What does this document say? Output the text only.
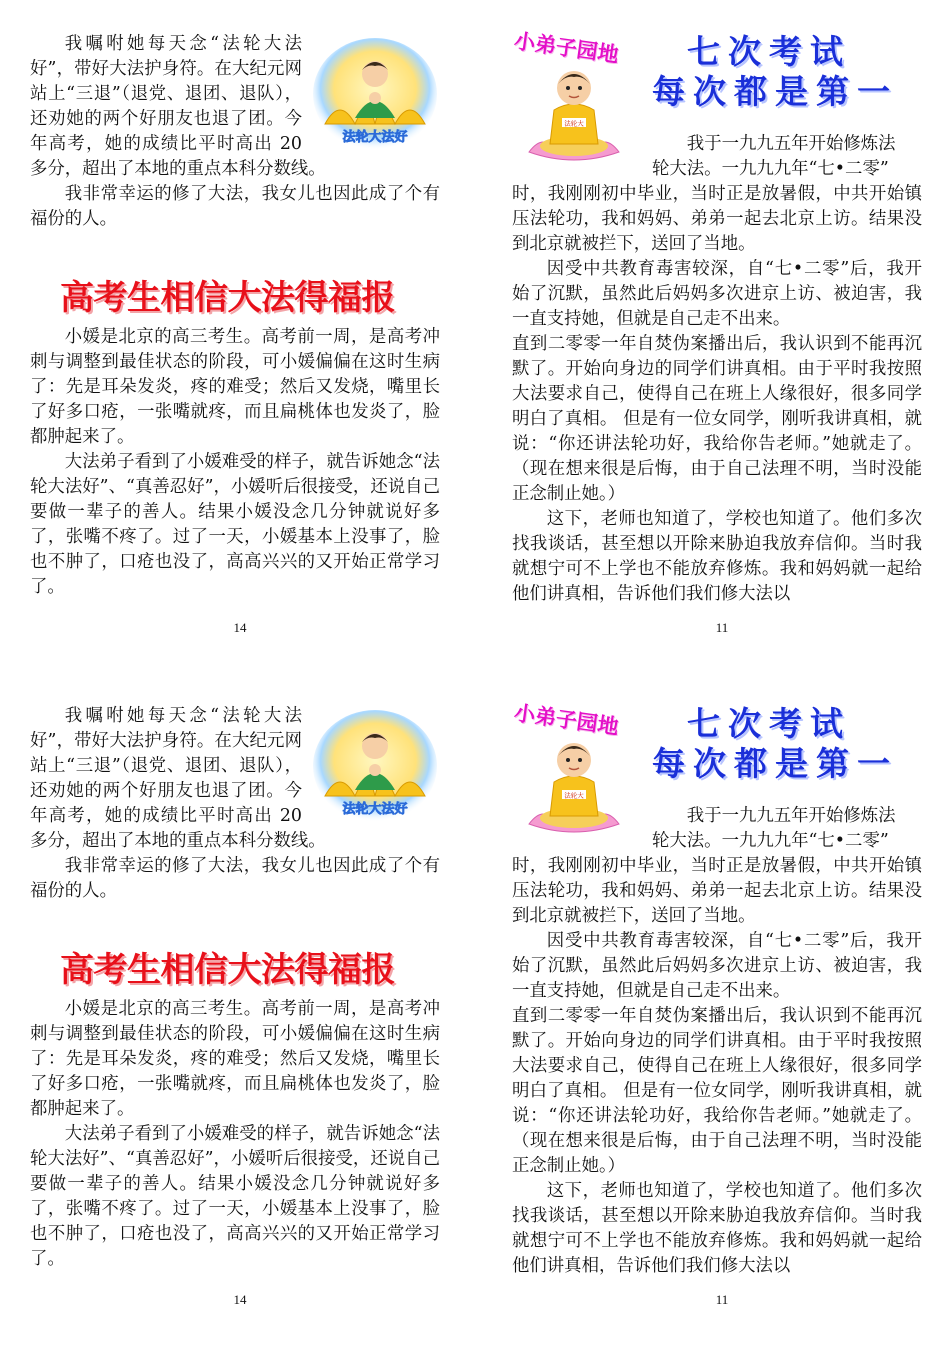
法轮大法好
我嘱咐她每天念“法轮大法好”，带好大法护身符。在大纪元网站上“三退”（退党、退团、退队），还劝她的两个好朋友也退了团。今年高考，她的成绩比平时高出 20 多分，超出了本地的重点本科分数线。

我非常幸运的修了大法，我女儿也因此成了个有福份的人。

高考生相信大法得福报

小媛是北京的高三考生。高考前一周，是高考冲刺与调整到最佳状态的阶段，可小媛偏偏在这时生病了：先是耳朵发炎，疼的难受；然后又发烧，嘴里长了好多口疮，一张嘴就疼，而且扁桃体也发炎了，脸都肿起来了。

大法弟子看到了小媛难受的样子，就告诉她念“法轮大法好”、“真善忍好”，小媛听后很接受，还说自己要做一辈子的善人。结果小媛没念几分钟就说好多了，张嘴不疼了。过了一天，小媛基本上没事了，脸也不肿了，口疮也没了，高高兴兴的又开始正常学习了。

14
小弟子园地
法轮大
七次考试
每次都是第一

我于一九九五年开始修炼法

轮大法。一九九九年“七•二零”

时，我刚刚初中毕业，当时正是放暑假，中共开始镇压法轮功，我和妈妈、弟弟一起去北京上访。结果没到北京就被拦下，送回了当地。

因受中共教育毒害较深，自“七•二零”后，我开始了沉默，虽然此后妈妈多次进京上访、被迫害，我一直支持她，但就是自己走不出来。

直到二零零一年自焚伪案播出后，我认识到不能再沉默了。开始向身边的同学们讲真相。由于平时我按照大法要求自己，使得自己在班上人缘很好，很多同学明白了真相。 但是有一位女同学，刚听我讲真相，就说：“你还讲法轮功好，我给你告老师。”她就走了。（现在想来很是后悔，由于自己法理不明，当时没能正念制止她。）

这下，老师也知道了，学校也知道了。他们多次找我谈话，甚至想以开除来胁迫我放弃信仰。当时我就想宁可不上学也不能放弃修炼。我和妈妈就一起给他们讲真相，告诉他们我们修大法以

11

法轮大法好
我嘱咐她每天念“法轮大法好”，带好大法护身符。在大纪元网站上“三退”（退党、退团、退队），还劝她的两个好朋友也退了团。今年高考，她的成绩比平时高出 20 多分，超出了本地的重点本科分数线。

我非常幸运的修了大法，我女儿也因此成了个有福份的人。

高考生相信大法得福报

小媛是北京的高三考生。高考前一周，是高考冲刺与调整到最佳状态的阶段，可小媛偏偏在这时生病了：先是耳朵发炎，疼的难受；然后又发烧，嘴里长了好多口疮，一张嘴就疼，而且扁桃体也发炎了，脸都肿起来了。

大法弟子看到了小媛难受的样子，就告诉她念“法轮大法好”、“真善忍好”，小媛听后很接受，还说自己要做一辈子的善人。结果小媛没念几分钟就说好多了，张嘴不疼了。过了一天，小媛基本上没事了，脸也不肿了，口疮也没了，高高兴兴的又开始正常学习了。

14
小弟子园地
法轮大
七次考试
每次都是第一

我于一九九五年开始修炼法

轮大法。一九九九年“七•二零”

时，我刚刚初中毕业，当时正是放暑假，中共开始镇压法轮功，我和妈妈、弟弟一起去北京上访。结果没到北京就被拦下，送回了当地。

因受中共教育毒害较深，自“七•二零”后，我开始了沉默，虽然此后妈妈多次进京上访、被迫害，我一直支持她，但就是自己走不出来。

直到二零零一年自焚伪案播出后，我认识到不能再沉默了。开始向身边的同学们讲真相。由于平时我按照大法要求自己，使得自己在班上人缘很好，很多同学明白了真相。 但是有一位女同学，刚听我讲真相，就说：“你还讲法轮功好，我给你告老师。”她就走了。（现在想来很是后悔，由于自己法理不明，当时没能正念制止她。）

这下，老师也知道了，学校也知道了。他们多次找我谈话，甚至想以开除来胁迫我放弃信仰。当时我就想宁可不上学也不能放弃修炼。我和妈妈就一起给他们讲真相，告诉他们我们修大法以

11
